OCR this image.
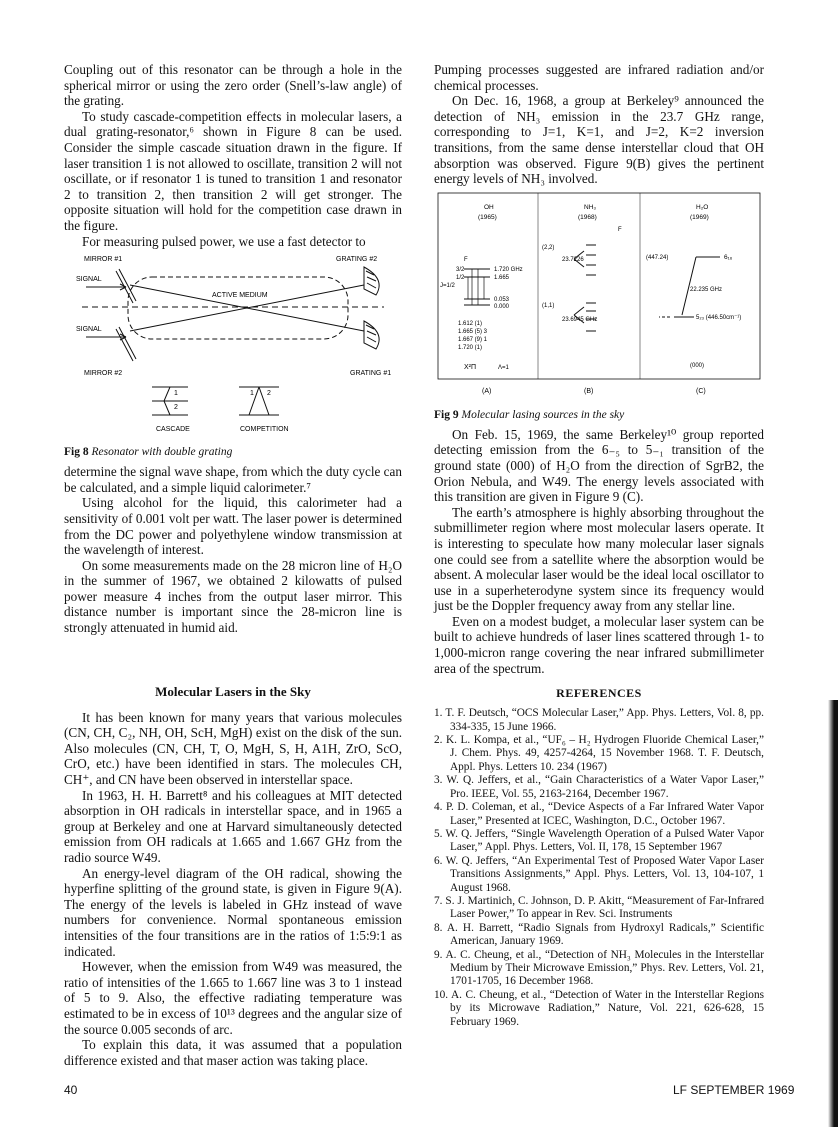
Coupling out of this resonator can be through a hole in the spherical mirror or using the zero order (Snell’s-law angle) of the grating.

To study cascade-competition effects in molecular lasers, a dual grating-resonator,⁶ shown in Figure 8 can be used. Consider the simple cascade situation drawn in the figure. If laser transition 1 is not allowed to oscillate, transition 2 will not oscillate, or if resonator 1 is tuned to transition 1 and resonator 2 to transition 2, then transition 2 will get stronger. The opposite situation will hold for the competition case drawn in the figure.

For measuring pulsed power, we use a fast detector to

MIRROR #1	GRATING #2
SIGNAL
ACTIVE MEDIUM
SIGNAL
MIRROR #2	GRATING #1
1
2
1 2
CASCADE	COMPETITION
Fig 8 Resonator with double grating

determine the signal wave shape, from which the duty cycle can be calculated, and a simple liquid calorimeter.⁷

Using alcohol for the liquid, this calorimeter had a sensitivity of 0.001 volt per watt. The laser power is determined from the DC power and polyethylene window transmission at the wavelength of interest.

On some measurements made on the 28 micron line of H₂O in the summer of 1967, we obtained 2 kilowatts of pulsed power measure 4 inches from the output laser mirror. This distance number is important since the 28-micron line is strongly attenuated in humid aid.

Molecular Lasers in the Sky

It has been known for many years that various molecules (CN, CH, C₂, NH, OH, ScH, MgH) exist on the disk of the sun. Also molecules (CN, CH, T, O, MgH, S, H, A1H, ZrO, ScO, CrO, etc.) have been identified in stars. The molecules CH, CH⁺, and CN have been observed in interstellar space.

In 1963, H. H. Barrett⁸ and his colleagues at MIT detected absorption in OH radicals in interstellar space, and in 1965 a group at Berkeley and one at Harvard simultaneously detected emission from OH radicals at 1.665 and 1.667 GHz from the radio source W49.

An energy-level diagram of the OH radical, showing the hyperfine splitting of the ground state, is given in Figure 9(A). The energy of the levels is labeled in GHz instead of wave numbers for convenience. Normal spontaneous emission intensities of the four transitions are in the ratios of 1:5:9:1 as indicated.

However, when the emission from W49 was measured, the ratio of intensities of the 1.665 to 1.667 line was 3 to 1 instead of 5 to 9. Also, the effective radiating temperature was estimated to be in excess of 10¹³ degrees and the angular size of the source 0.005 seconds of arc.

To explain this data, it was assumed that a population difference existed and that maser action was taking place.

Pumping processes suggested are infrared radiation and/or chemical processes.

On Dec. 16, 1968, a group at Berkeley⁹ announced the detection of NH₃ emission in the 23.7 GHz range, corresponding to J=1, K=1, and J=2, K=2 inversion transitions, from the same dense interstellar cloud that OH absorption was observed. Figure 9(B) gives the pertinent energy levels of NH₃ involved.

OH
(1965)
NH₃
(1968)
H₂O
(1969)
F
3/2
1/2
J=1/2
1.720 GHz
1.665
0.053
0.000
1.612 (1)
1.665 (5) 3
1.667 (9) 1
1.720 (1)
X²Π	Λ=1
(2,2)
23.7226
(1,1)
23.6945 GHz
F
(447.24)	6₁₆
22.235 GHz
5₂₃ (446.50cm⁻¹)
(000)
(A)	(B)	(C)
Fig 9 Molecular lasing sources in the sky

On Feb. 15, 1969, the same Berkeley¹⁰ group reported detecting emission from the 6₋₅ to 5₋₁ transition of the ground state (000) of H₂O from the direction of SgrB2, the Orion Nebula, and W49. The energy levels associated with this transition are given in Figure 9 (C).

The earth’s atmosphere is highly absorbing throughout the submillimeter region where most molecular lasers operate. It is interesting to speculate how many molecular laser signals one could see from a satellite where the absorption would be absent. A molecular laser would be the ideal local oscillator to use in a superheterodyne system since its frequency would just be the Doppler frequency away from any stellar line.

Even on a modest budget, a molecular laser system can be built to achieve hundreds of laser lines scattered through 1- to 1,000-micron range covering the near infrared submillimeter area of the spectrum.

REFERENCES
1. T. F. Deutsch, “OCS Molecular Laser,” App. Phys. Letters, Vol. 8, pp. 334-335, 15 June 1966.
2. K. L. Kompa, et al., “UF₆ – H₂ Hydrogen Fluoride Chemical Laser,” J. Chem. Phys. 49, 4257-4264, 15 November 1968. T. F. Deutsch, Appl. Phys. Letters 10. 234 (1967)
3. W. Q. Jeffers, et al., “Gain Characteristics of a Water Vapor Laser,” Pro. IEEE, Vol. 55, 2163-2164, December 1967.
4. P. D. Coleman, et al., “Device Aspects of a Far Infrared Water Vapor Laser,” Presented at ICEC, Washington, D.C., October 1967.
5. W. Q. Jeffers, “Single Wavelength Operation of a Pulsed Water Vapor Laser,” Appl. Phys. Letters, Vol. II, 178, 15 September 1967
6. W. Q. Jeffers, “An Experimental Test of Proposed Water Vapor Laser Transitions Assignments,” Appl. Phys. Letters, Vol. 13, 104-107, 1 August 1968.
7. S. J. Martinich, C. Johnson, D. P. Akitt, “Measurement of Far-Infrared Laser Power,” To appear in Rev. Sci. Instruments
8. A. H. Barrett, “Radio Signals from Hydroxyl Radicals,” Scientific American, January 1969.
9. A. C. Cheung, et al., “Detection of NH₃ Molecules in the Interstellar Medium by Their Microwave Emission,” Phys. Rev. Letters, Vol. 21, 1701-1705, 16 December 1968.
10. A. C. Cheung, et al., “Detection of Water in the Interstellar Regions by its Microwave Radiation,” Nature, Vol. 221, 626-628, 15 February 1969.
40	LF SEPTEMBER 1969
